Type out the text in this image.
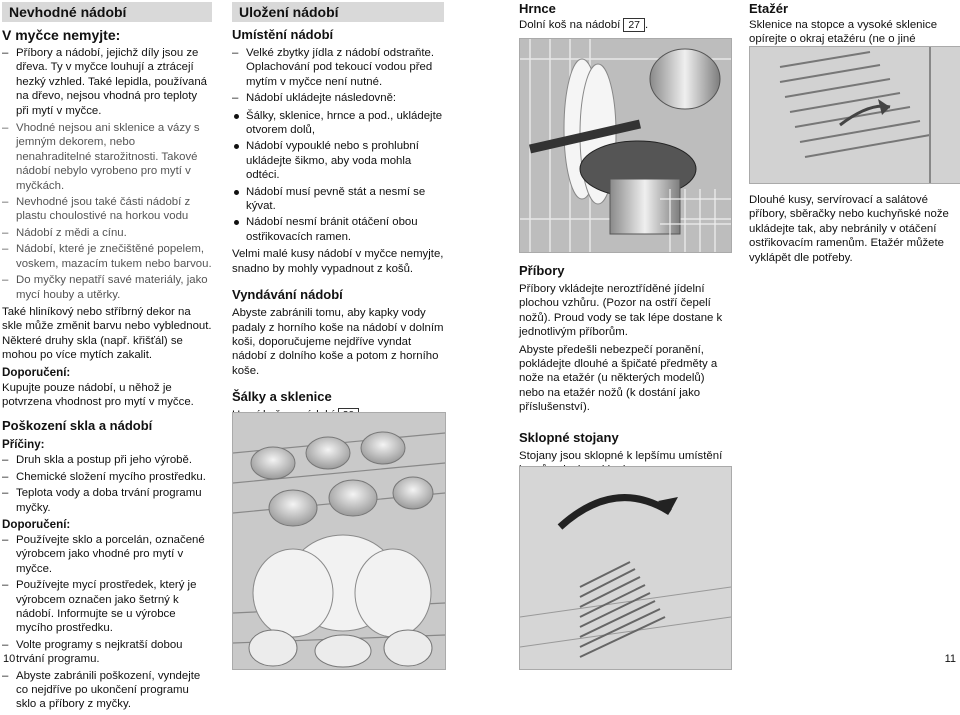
Nevhodné nádobí
V myčce nemyjte:
– Příbory a nádobí, jejichž díly jsou ze dřeva. Ty v myčce louhují a ztrácejí hezký vzhled. Také lepidla, používaná na dřevo, nejsou vhodná pro teploty při mytí v myčce.
– Vhodné nejsou ani sklenice a vázy s jemným dekorem, nebo nenahraditelné starožitnosti. Takové nádobí nebylo vyrobeno pro mytí v myčkách.
– Nevhodné jsou také části nádobí z plastu choulostivé na horkou vodu
– Nádobí z mědi a cínu.
– Nádobí, které je znečištěné popelem, voskem, mazacím tukem nebo barvou.
– Do myčky nepatří savé materiály, jako mycí houby a utěrky.

Také hliníkový nebo stříbrný dekor na skle může změnit barvu nebo vyblednout. Některé druhy skla (např. křišťál) se mohou po více mytích zakalit.

Doporučení:

Kupujte pouze nádobí, u něhož je potvrzena vhodnost pro mytí v myčce.

Poškození skla a nádobí
Příčiny:
– Druh skla a postup při jeho výrobě.
– Chemické složení mycího prostředku.
– Teplota vody a doba trvání programu myčky.
Doporučení:
– Používejte sklo a porcelán, označené výrobcem jako vhodné pro mytí v myčce.
– Používejte mycí prostředek, který je výrobcem označen jako šetrný k nádobí. Informujte se u výrobce mycího prostředku.
– Volte programy s nejkratší dobou trvání programu.
– Abyste zabránili poškození, vyndejte co nejdříve po ukončení programu sklo a příbory z myčky.
10
Uložení nádobí
Umístění nádobí
– Velké zbytky jídla z nádobí odstraňte. Oplachování pod tekoucí vodou před mytím v myčce není nutné.
– Nádobí ukládejte následovně:
Šálky, sklenice, hrnce a pod., ukládejte otvorem dolů,
Nádobí vypouklé nebo s prohlubní ukládejte šikmo, aby voda mohla odtéci.
Nádobí musí pevně stát a nesmí se kývat.
Nádobí nesmí bránit otáčení obou ostřikovacích ramen.

Velmi malé kusy nádobí v myčce nemyjte, snadno by mohly vypadnout z košů.

Vyndávání nádobí

Abyste zabránili tomu, aby kapky vody padaly z horního koše na nádobí v dolním koši, doporučujeme nejdříve vyndat nádobí z dolního koše a potom z horního koše.

Šálky a sklenice

Hrnce

Dolní koš na nádobí 27 .

Příbory

Příbory vkládejte neroztříděné jídelní plochou vzhůru. (Pozor na ostří čepelí nožů). Proud vody se tak lépe dostane k jednotlivým příborům.

Abyste předešli nebezpečí poranění, pokládejte dlouhé a špičaté předměty a nože na etažér (u některých modelů) nebo na etažér nožů (k dostání jako příslušenství).

Sklopné stojany

Stojany jsou sklopné k lepšímu umístění

Etažér

Sklenice na stopce a vysoké sklenice opírejte o okraj etažéru (ne o jiné

Dlouhé kusy, servírovací a salátové příbory, sběračky nebo kuchyňské nože ukládejte tak, aby nebránily v otáčení ostřikovacím ramenům. Etažér můžete vyklápět dle potřeby.

11
